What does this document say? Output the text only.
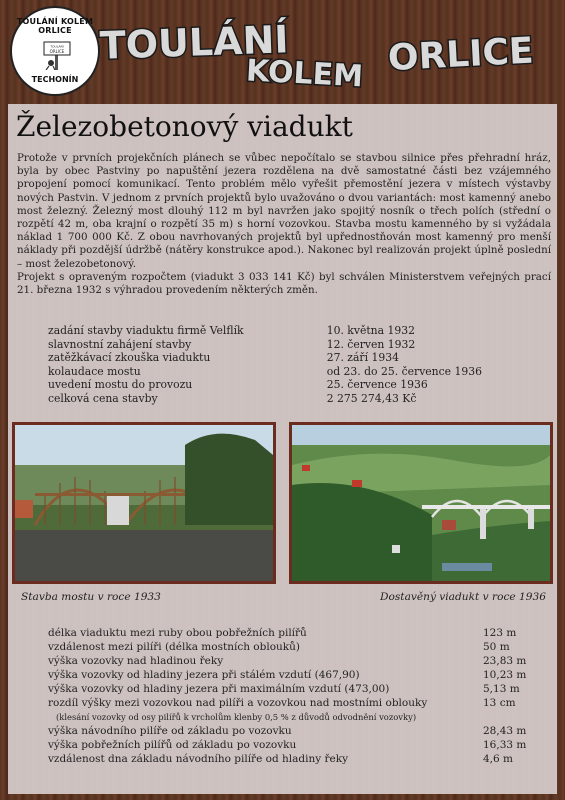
TOULÁNÍ KOLEM ORLICE
TOULÁNÍ
ORLICE
TECHONÍN
TOULÁNÍ
KOLEM ORLICE
Železobetonový viadukt

Protože v prvních projekčních plánech se vůbec nepočítalo se stavbou silnice přes přehradní hráz, byla by obec Pastviny po napuštění jezera rozdělena na dvě samostatné části bez vzájemného propojení pomocí komunikací. Tento problém mělo vyřešit přemostění jezera v místech výstavby nových Pastvin. V jednom z prvních projektů bylo uvažováno o dvou variantách: most kamenný anebo most železný. Železný most dlouhý 112 m byl navržen jako spojitý nosník o třech polích (střední o rozpětí 42 m, oba krajní o rozpětí 35 m) s horní vozovkou. Stavba mostu kamenného by si vyžádala náklad 1 700 000 Kč. Z obou navrhovaných projektů byl upřednostňován most kamenný pro menší náklady při pozdější údržbě (nátěry konstrukce apod.). Nakonec byl realizován projekt úplně poslední – most železobetonový.

Projekt s opraveným rozpočtem (viadukt 3 033 141 Kč) byl schválen Ministerstvem veřejných prací 21. března 1932 s výhradou provedením některých změn.

zadání stavby viaduktu firmě Velflík	10. května 1932
slavnostní zahájení stavby	12. červen 1932
zatěžkávací zkouška viaduktu	27. září 1934
kolaudace mostu	od 23. do 25. července 1936
uvedení mostu do provozu	25. července 1936
celková cena stavby	2 275 274,43 Kč
Stavba mostu v roce 1933	Dostavěný viadukt v roce 1936
délka viaduktu mezi ruby obou pobřežních pilířů	123 m
vzdálenost mezi pilíři (délka mostních oblouků)	50 m
výška vozovky nad hladinou řeky	23,83 m
výška vozovky od hladiny jezera při stálém vzdutí (467,90)	10,23 m
výška vozovky od hladiny jezera při maximálním vzdutí (473,00)	5,13 m
rozdíl výšky mezi vozovkou nad pilíři a vozovkou nad mostními oblouky	13 cm
(klesání vozovky od osy pilířů k vrcholům klenby 0,5 % z důvodů odvodnění vozovky)	
výška návodního pilíře od základu po vozovku	28,43 m
výška pobřežních pilířů od základu po vozovku	16,33 m
vzdálenost dna základu návodního pilíře od hladiny řeky	4,6 m
